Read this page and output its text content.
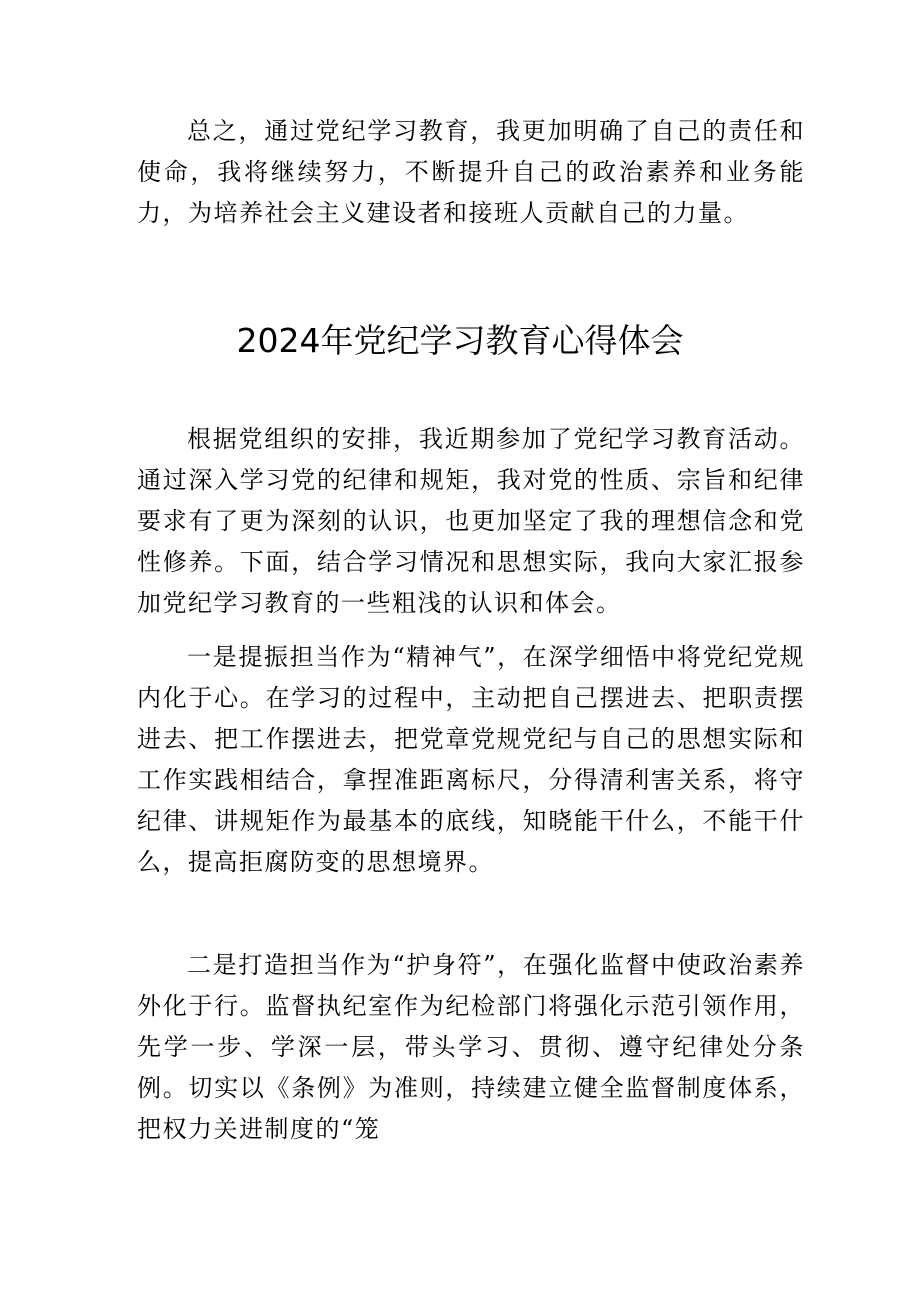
总之，通过党纪学习教育，我更加明确了自己的责任和使命，我将继续努力，不断提升自己的政治素养和业务能力，为培养社会主义建设者和接班人贡献自己的力量。

2024年党纪学习教育心得体会

根据党组织的安排，我近期参加了党纪学习教育活动。通过深入学习党的纪律和规矩，我对党的性质、宗旨和纪律要求有了更为深刻的认识，也更加坚定了我的理想信念和党性修养。下面，结合学习情况和思想实际，我向大家汇报参加党纪学习教育的一些粗浅的认识和体会。

一是提振担当作为“精神气”，在深学细悟中将党纪党规内化于心。在学习的过程中，主动把自己摆进去、把职责摆进去、把工作摆进去，把党章党规党纪与自己的思想实际和工作实践相结合，拿捏准距离标尺，分得清利害关系，将守纪律、讲规矩作为最基本的底线，知晓能干什么，不能干什么，提高拒腐防变的思想境界。

二是打造担当作为“护身符”，在强化监督中使政治素养外化于行。监督执纪室作为纪检部门将强化示范引领作用，先学一步、学深一层，带头学习、贯彻、遵守纪律处分条例。切实以《条例》为准则，持续建立健全监督制度体系，把权力关进制度的“笼
